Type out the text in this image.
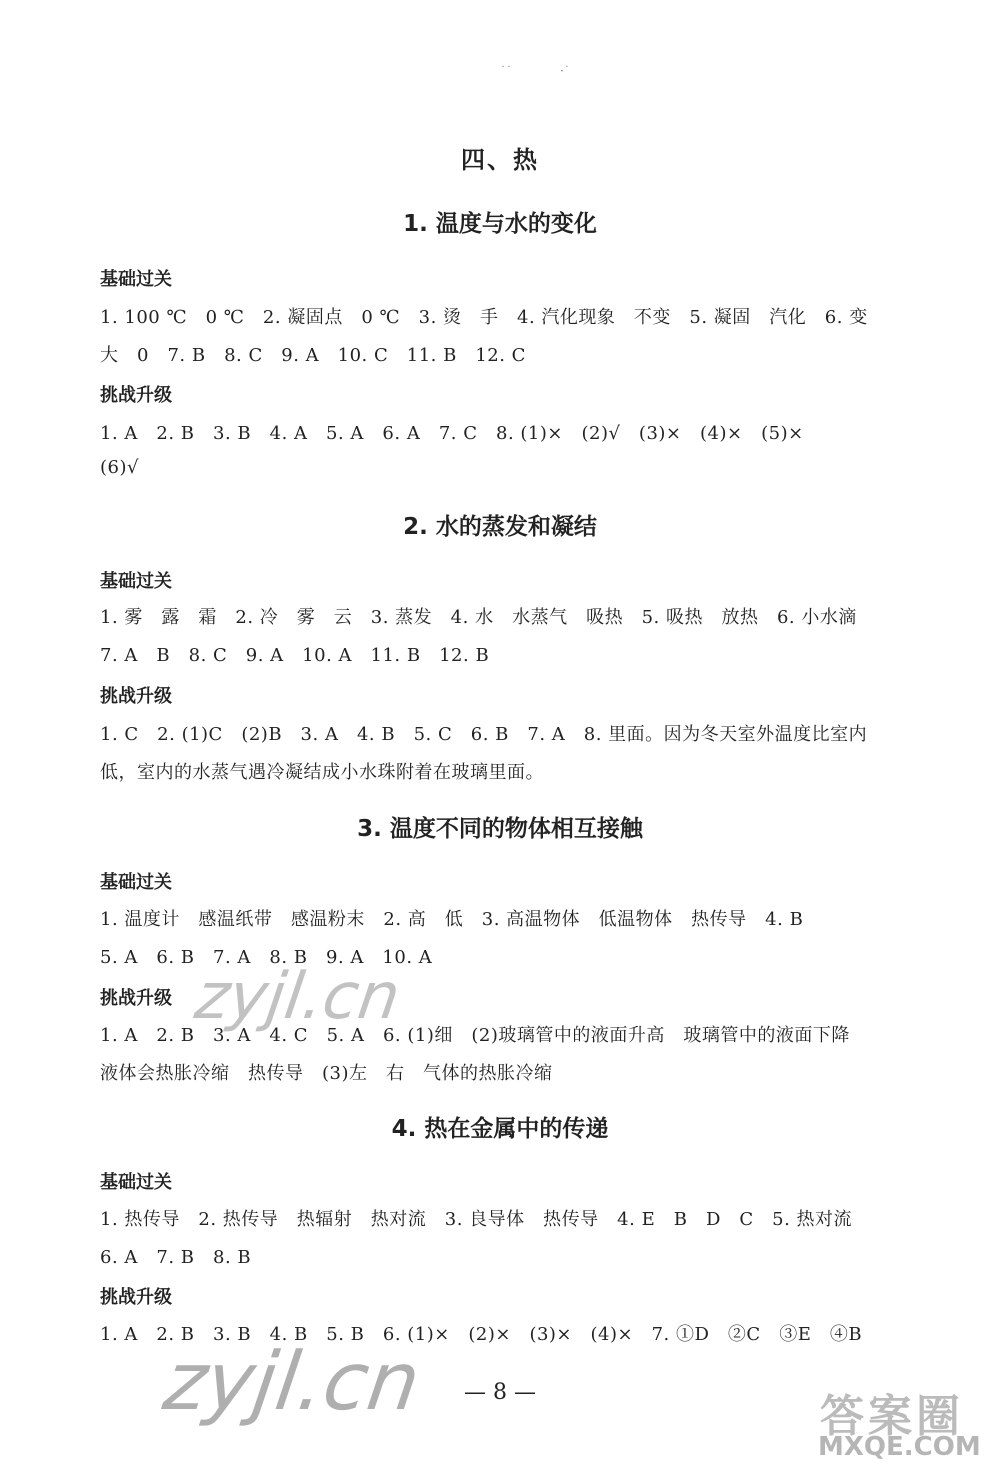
˙˙　　　　·˙
四、热
1. 温度与水的变化
基础过关
1. 100 ℃　0 ℃　2. 凝固点　0 ℃　3. 烫　手　4. 汽化现象　不变　5. 凝固　汽化　6. 变
大　0　7. B　8. C　9. A　10. C　11. B　12. C
挑战升级
1. A　2. B　3. B　4. A　5. A　6. A　7. C　8. (1)×　(2)√　(3)×　(4)×　(5)×
(6)√
2. 水的蒸发和凝结
基础过关
1. 雾　露　霜　2. 冷　雾　云　3. 蒸发　4. 水　水蒸气　吸热　5. 吸热　放热　6. 小水滴
7. A　B　8. C　9. A　10. A　11. B　12. B
挑战升级
1. C　2. (1)C　(2)B　3. A　4. B　5. C　6. B　7. A　8. 里面。因为冬天室外温度比室内
低，室内的水蒸气遇冷凝结成小水珠附着在玻璃里面。
3. 温度不同的物体相互接触
基础过关
1. 温度计　感温纸带　感温粉末　2. 高　低　3. 高温物体　低温物体　热传导　4. B
5. A　6. B　7. A　8. B　9. A　10. A
挑战升级
1. A　2. B　3. A　4. C　5. A　6. (1)细　(2)玻璃管中的液面升高　玻璃管中的液面下降
液体会热胀冷缩　热传导　(3)左　右　气体的热胀冷缩
4. 热在金属中的传递
基础过关
1. 热传导　2. 热传导　热辐射　热对流　3. 良导体　热传导　4. E　B　D　C　5. 热对流
6. A　7. B　8. B
挑战升级
1. A　2. B　3. B　4. B　5. B　6. (1)×　(2)×　(3)×　(4)×　7. ①D　②C　③E　④B
— 8 —
zyjl.cn
zyjl.cn	答案圈
MXQE.COM
